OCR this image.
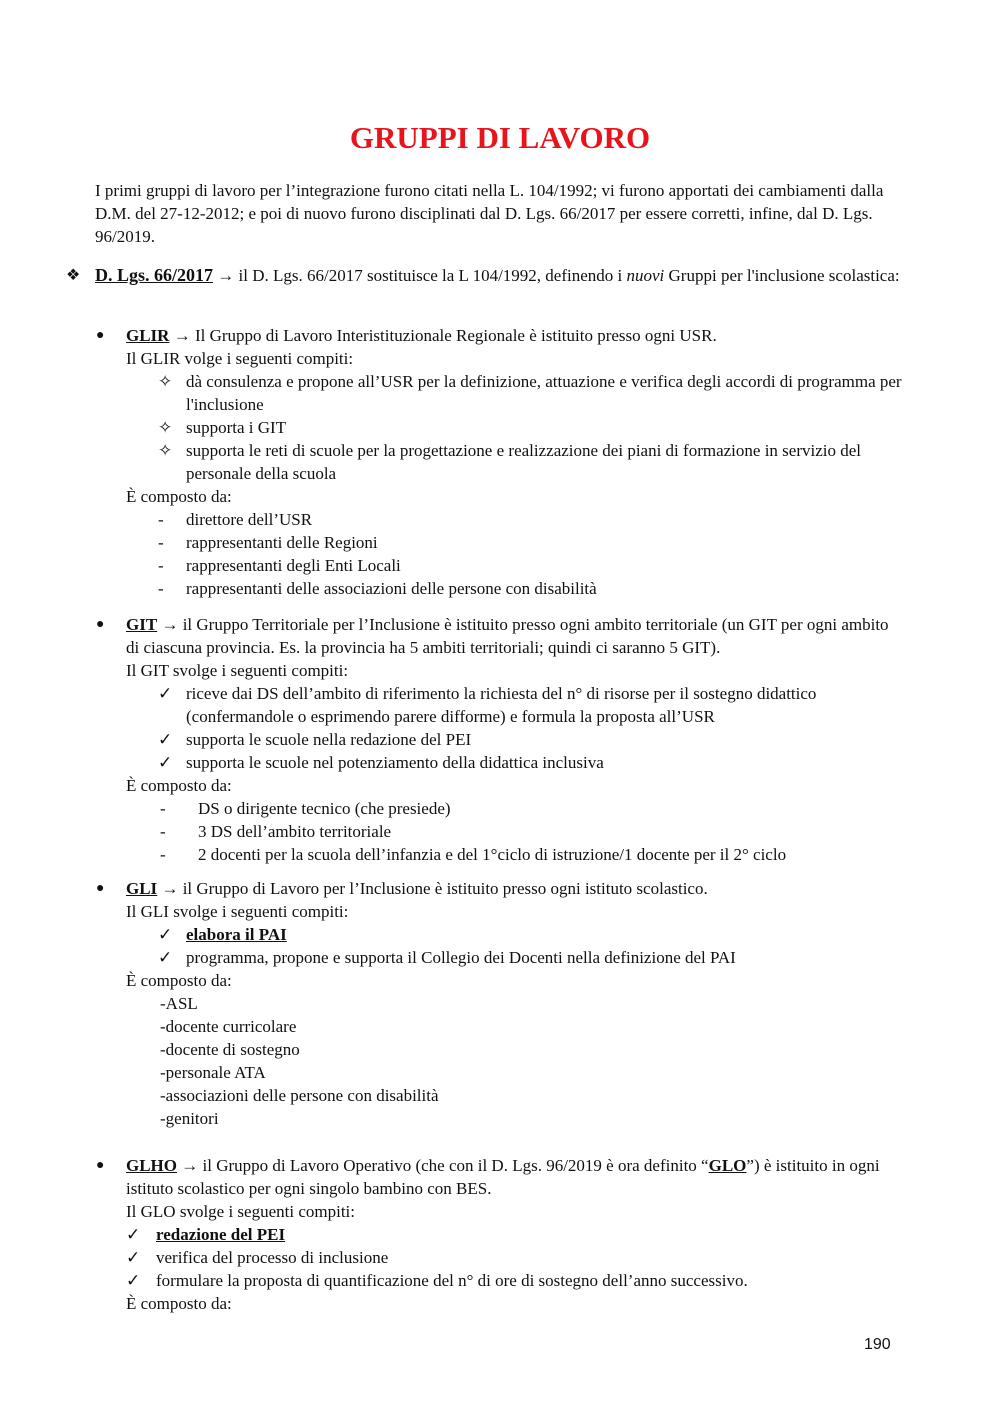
GRUPPI DI LAVORO
I primi gruppi di lavoro per l’integrazione furono citati nella L. 104/1992; vi furono apportati dei cambiamenti dalla D.M. del 27-12-2012; e poi di nuovo furono disciplinati dal D. Lgs. 66/2017 per essere corretti, infine, dal D. Lgs. 96/2019.
❖ D. Lgs. 66/2017 → il D. Lgs. 66/2017 sostituisce la L 104/1992, definendo i nuovi Gruppi per l'inclusione scolastica:
● GLIR → Il Gruppo di Lavoro Interistituzionale Regionale è istituito presso ogni USR.
Il GLIR volge i seguenti compiti:
✧ dà consulenza e propone all’USR per la definizione, attuazione e verifica degli accordi di programma per l'inclusione
✧ supporta i GIT
✧ supporta le reti di scuole per la progettazione e realizzazione dei piani di formazione in servizio del personale della scuola
È composto da:
- direttore dell’USR
- rappresentanti delle Regioni
- rappresentanti degli Enti Locali
- rappresentanti delle associazioni delle persone con disabilità
● GIT → il Gruppo Territoriale per l’Inclusione è istituito presso ogni ambito territoriale (un GIT per ogni ambito di ciascuna provincia. Es. la provincia ha 5 ambiti territoriali; quindi ci saranno 5 GIT).
Il GIT svolge i seguenti compiti:
✓ riceve dai DS dell’ambito di riferimento la richiesta del n° di risorse per il sostegno didattico (confermandole o esprimendo parere difforme) e formula la proposta all’USR
✓ supporta le scuole nella redazione del PEI
✓ supporta le scuole nel potenziamento della didattica inclusiva
È composto da:
- DS o dirigente tecnico (che presiede)
- 3 DS dell’ambito territoriale
- 2 docenti per la scuola dell’infanzia e del 1°ciclo di istruzione/1 docente per il 2° ciclo
● GLI → il Gruppo di Lavoro per l’Inclusione è istituito presso ogni istituto scolastico.
Il GLI svolge i seguenti compiti:
✓ elabora il PAI
✓ programma, propone e supporta il Collegio dei Docenti nella definizione del PAI
È composto da:
-ASL
-docente curricolare
-docente di sostegno
-personale ATA
-associazioni delle persone con disabilità
-genitori
● GLHO → il Gruppo di Lavoro Operativo (che con il D. Lgs. 96/2019 è ora definito “GLO”) è istituito in ogni istituto scolastico per ogni singolo bambino con BES.
Il GLO svolge i seguenti compiti:
✓ redazione del PEI
✓ verifica del processo di inclusione
✓ formulare la proposta di quantificazione del n° di ore di sostegno dell’anno successivo.
È composto da:
190
